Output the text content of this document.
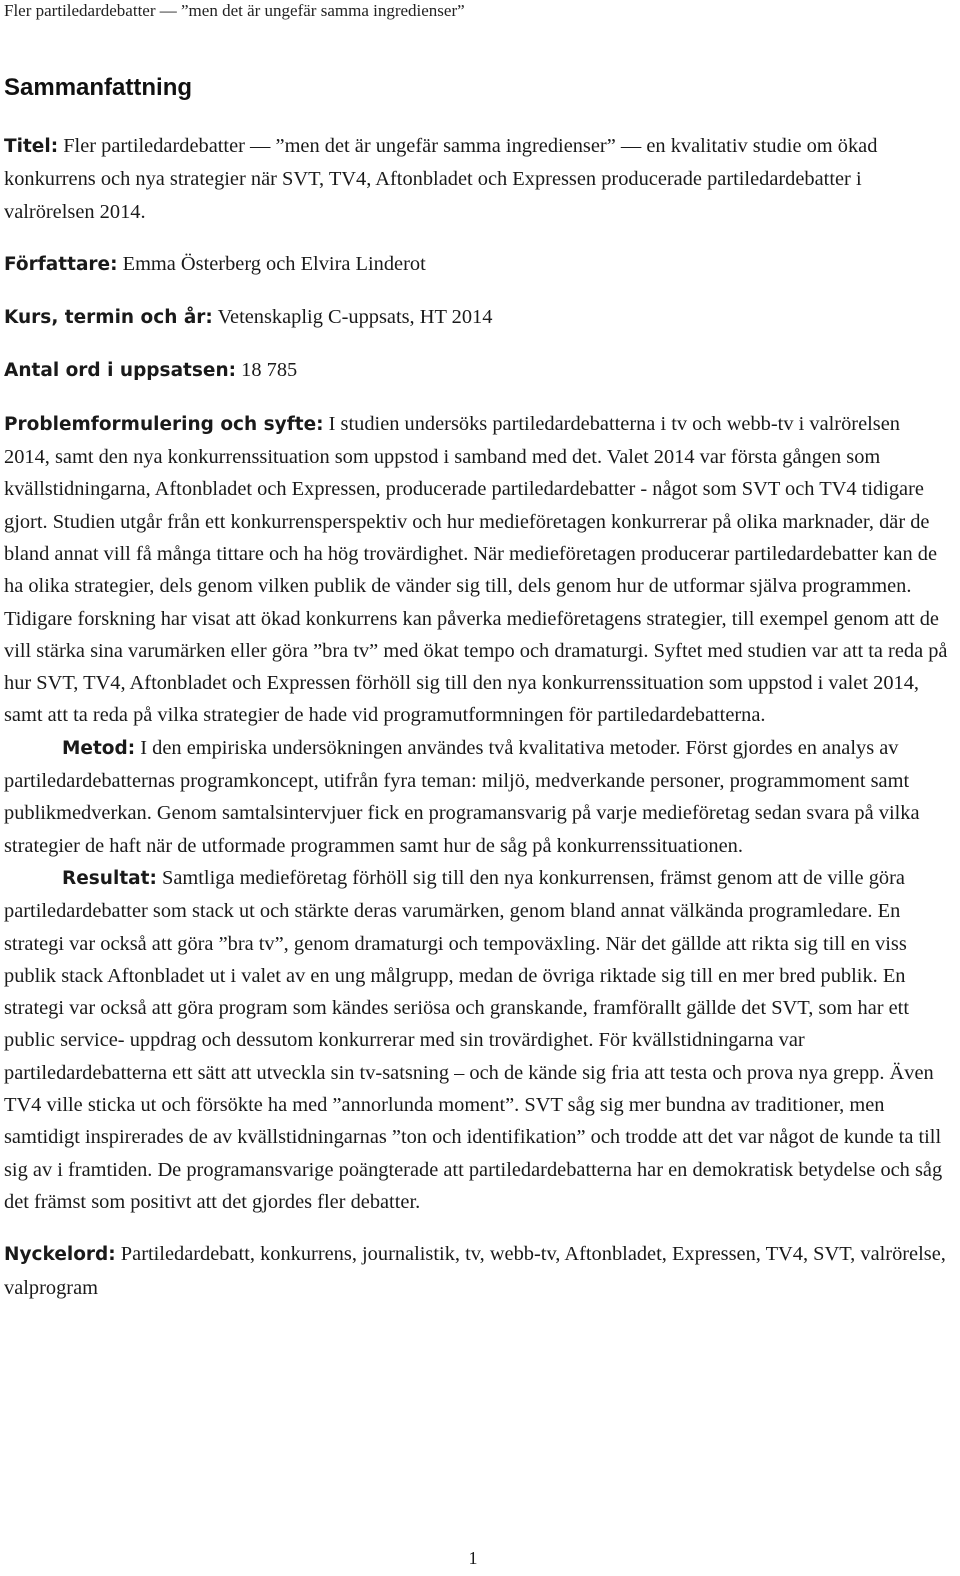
Fler partiledardebatter ― ”men det är ungefär samma ingredienser”
Sammanfattning

Titel: Fler partiledardebatter ― ”men det är ungefär samma ingredienser” ― en kvalitativ studie om ökad konkurrens och nya strategier när SVT, TV4, Aftonbladet och Expressen producerade partiledardebatter i valrörelsen 2014.

Författare: Emma Österberg och Elvira Linderot

Kurs, termin och år: Vetenskaplig C-uppsats, HT 2014

Antal ord i uppsatsen: 18 785

Problemformulering och syfte: I studien undersöks partiledardebatterna i tv och webb-tv i valrörelsen 2014, samt den nya konkurrenssituation som uppstod i samband med det. Valet 2014 var första gången som kvällstidningarna, Aftonbladet och Expressen, producerade partiledardebatter - något som SVT och TV4 tidigare gjort. Studien utgår från ett konkurrensperspektiv och hur medieföretagen konkurrerar på olika marknader, där de bland annat vill få många tittare och ha hög trovärdighet. När medieföretagen producerar partiledardebatter kan de ha olika strategier, dels genom vilken publik de vänder sig till, dels genom hur de utformar själva programmen. Tidigare forskning har visat att ökad konkurrens kan påverka medieföretagens strategier, till exempel genom att de vill stärka sina varumärken eller göra ”bra tv” med ökat tempo och dramaturgi. Syftet med studien var att ta reda på hur SVT, TV4, Aftonbladet och Expressen förhöll sig till den nya konkurrenssituation som uppstod i valet 2014, samt att ta reda på vilka strategier de hade vid programutformningen för partiledardebatterna.

Metod: I den empiriska undersökningen användes två kvalitativa metoder. Först gjordes en analys av partiledardebatternas programkoncept, utifrån fyra teman: miljö, medverkande personer, programmoment samt publikmedverkan. Genom samtalsintervjuer fick en programansvarig på varje medieföretag sedan svara på vilka strategier de haft när de utformade programmen samt hur de såg på konkurrenssituationen.

Resultat: Samtliga medieföretag förhöll sig till den nya konkurrensen, främst genom att de ville göra partiledardebatter som stack ut och stärkte deras varumärken, genom bland annat välkända programledare. En strategi var också att göra ”bra tv”, genom dramaturgi och tempoväxling. När det gällde att rikta sig till en viss publik stack Aftonbladet ut i valet av en ung målgrupp, medan de övriga riktade sig till en mer bred publik. En strategi var också att göra program som kändes seriösa och granskande, framförallt gällde det SVT, som har ett public service- uppdrag och dessutom konkurrerar med sin trovärdighet. För kvällstidningarna var partiledardebatterna ett sätt att utveckla sin tv-satsning – och de kände sig fria att testa och prova nya grepp. Även TV4 ville sticka ut och försökte ha med ”annorlunda moment”. SVT såg sig mer bundna av traditioner, men samtidigt inspirerades de av kvällstidningarnas ”ton och identifikation” och trodde att det var något de kunde ta till sig av i framtiden. De programansvarige poängterade att partiledardebatterna har en demokratisk betydelse och såg det främst som positivt att det gjordes fler debatter.

Nyckelord: Partiledardebatt, konkurrens, journalistik, tv, webb-tv, Aftonbladet, Expressen, TV4, SVT, valrörelse, valprogram

1
